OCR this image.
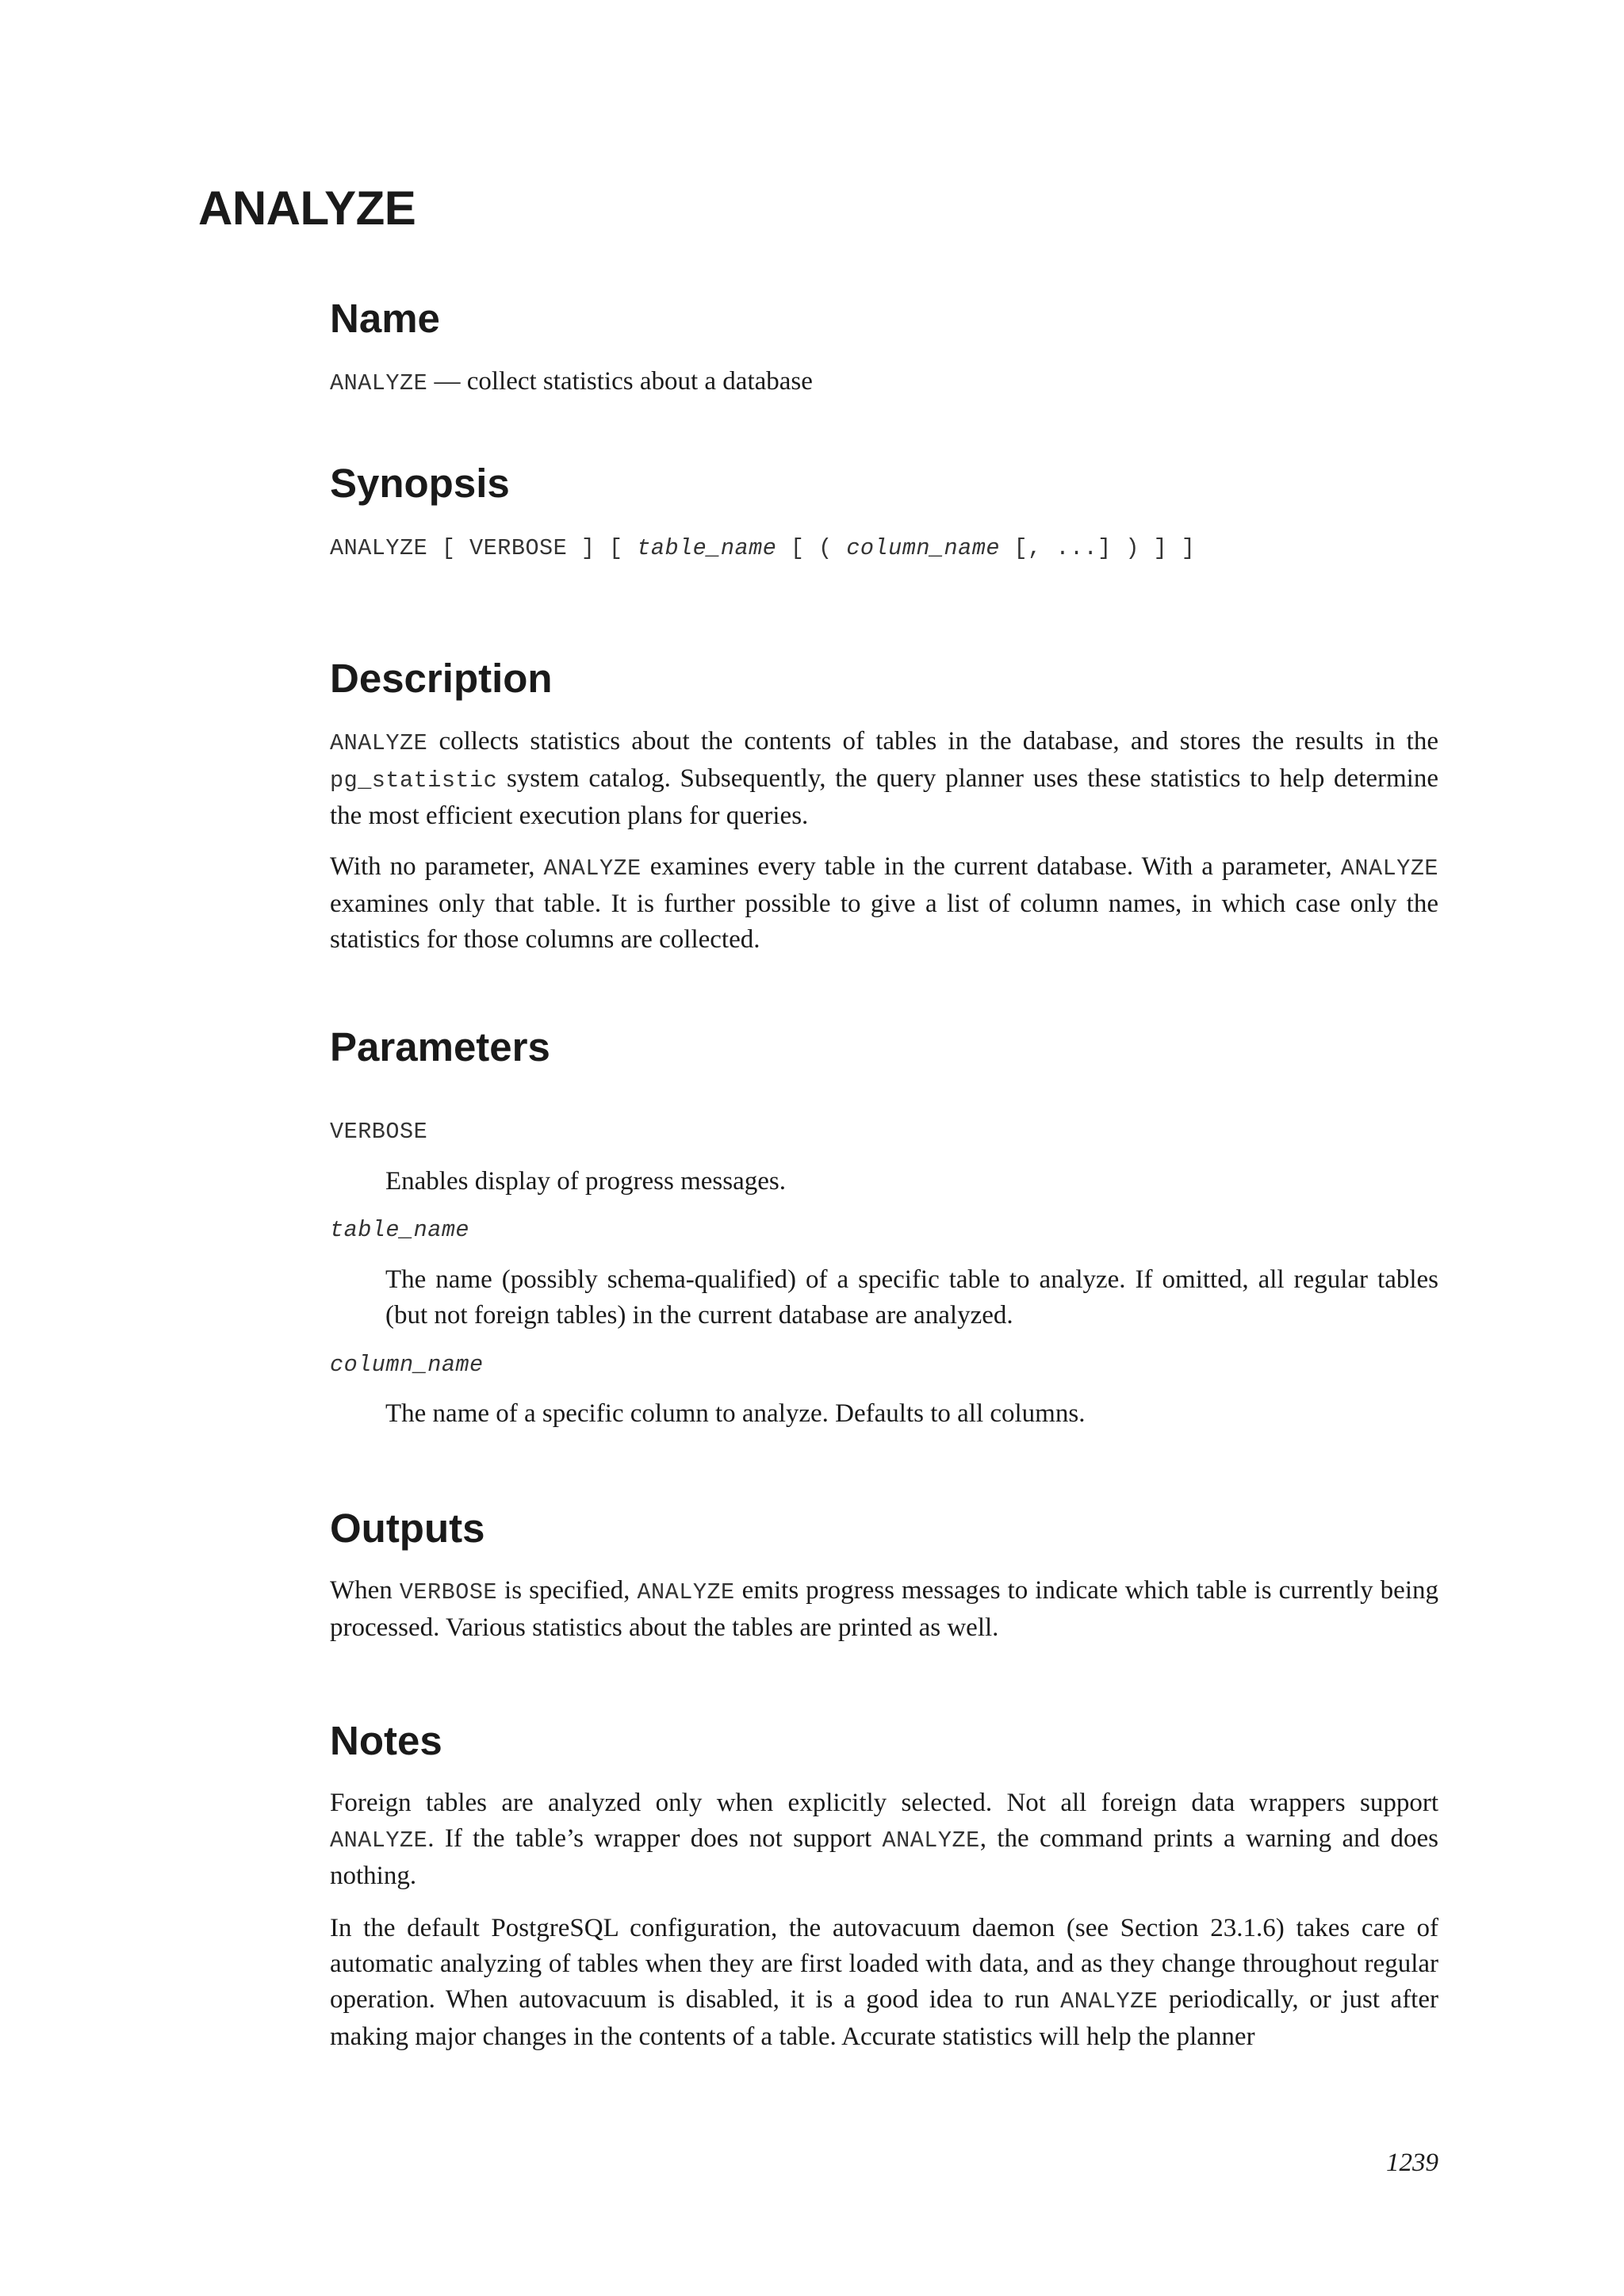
ANALYZE
Name

ANALYZE — collect statistics about a database

Synopsis
ANALYZE [ VERBOSE ] [ table_name [ ( column_name [, ...] ) ] ]
Description

ANALYZE collects statistics about the contents of tables in the database, and stores the results in the pg_statistic system catalog. Subsequently, the query planner uses these statistics to help determine the most efficient execution plans for queries.

With no parameter, ANALYZE examines every table in the current database. With a parameter, ANALYZE examines only that table. It is further possible to give a list of column names, in which case only the statistics for those columns are collected.

Parameters
VERBOSE

Enables display of progress messages.

table_name

The name (possibly schema-qualified) of a specific table to analyze. If omitted, all regular tables (but not foreign tables) in the current database are analyzed.

column_name

The name of a specific column to analyze. Defaults to all columns.

Outputs

When VERBOSE is specified, ANALYZE emits progress messages to indicate which table is currently being processed. Various statistics about the tables are printed as well.

Notes

Foreign tables are analyzed only when explicitly selected. Not all foreign data wrappers support ANALYZE. If the table’s wrapper does not support ANALYZE, the command prints a warning and does nothing.

In the default PostgreSQL configuration, the autovacuum daemon (see Section 23.1.6) takes care of automatic analyzing of tables when they are first loaded with data, and as they change throughout regular operation. When autovacuum is disabled, it is a good idea to run ANALYZE periodically, or just after making major changes in the contents of a table. Accurate statistics will help the planner

1239
